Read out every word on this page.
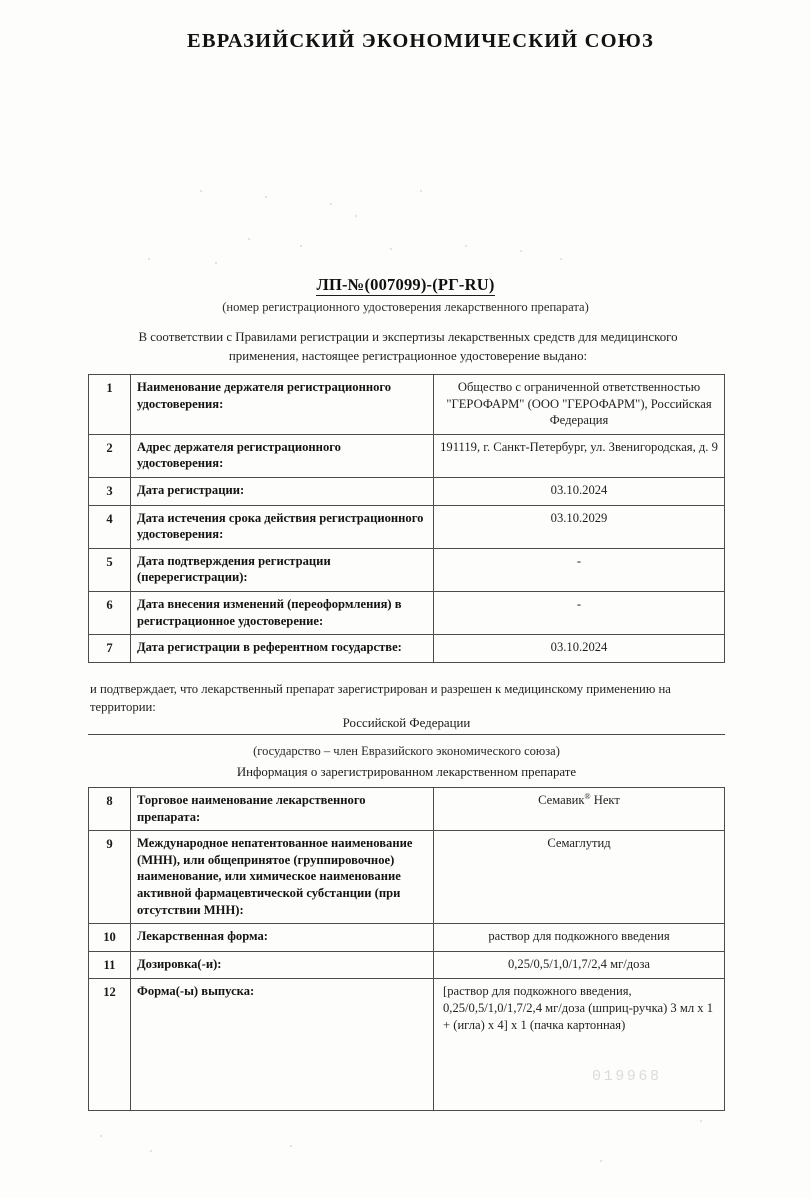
ЕВРАЗИЙСКИЙ ЭКОНОМИЧЕСКИЙ СОЮЗ
ЛП-№(007099)-(РГ-RU)
(номер регистрационного удостоверения лекарственного препарата)
В соответствии с Правилами регистрации и экспертизы лекарственных средств для медицинского применения, настоящее регистрационное удостоверение выдано:
1	Наименование держателя регистрационного удостоверения:	Общество с ограниченной ответственностью "ГЕРОФАРМ" (ООО "ГЕРОФАРМ"), Российская Федерация
2	Адрес держателя регистрационного удостоверения:	191119, г. Санкт-Петербург, ул. Звенигородская, д. 9
3	Дата регистрации:	03.10.2024
4	Дата истечения срока действия регистрационного удостоверения:	03.10.2029
5	Дата подтверждения регистрации (перерегистрации):	-
6	Дата внесения изменений (переоформления) в регистрационное удостоверение:	-
7	Дата регистрации в референтном государстве:	03.10.2024
и подтверждает, что лекарственный препарат зарегистрирован и разрешен к медицинскому применению на территории:
Российской Федерации
(государство – член Евразийского экономического союза)
Информация о зарегистрированном лекарственном препарате
8	Торговое наименование лекарственного препарата:	Семавик® Нект
9	Международное непатентованное наименование (МНН), или общепринятое (группировочное) наименование, или химическое наименование активной фармацевтической субстанции (при отсутствии МНН):	Семаглутид
10	Лекарственная форма:	раствор для подкожного введения
11	Дозировка(-и):	0,25/0,5/1,0/1,7/2,4 мг/доза
12	Форма(-ы) выпуска:	[раствор для подкожного введения, 0,25/0,5/1,0/1,7/2,4 мг/доза (шприц-ручка) 3 мл х 1 + (игла) х 4] х 1 (пачка картонная)
019968
